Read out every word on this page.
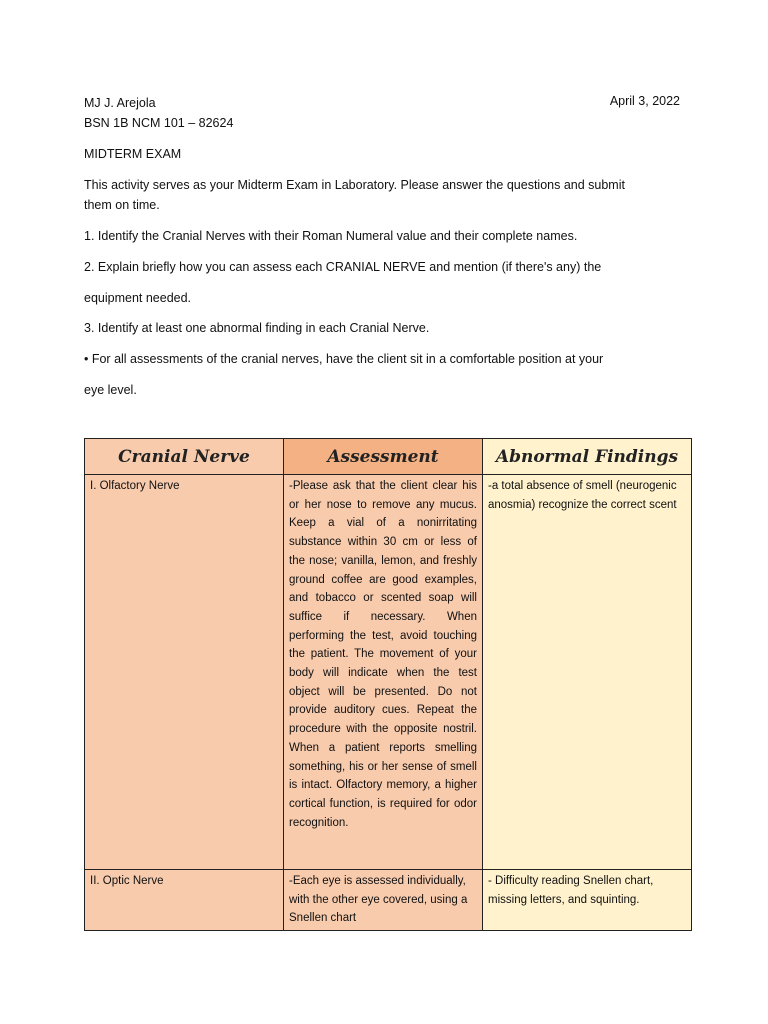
MJ J. Arejola	April 3, 2022
BSN 1B NCM 101 – 82624
MIDTERM EXAM
This activity serves as your Midterm Exam in Laboratory. Please answer the questions and submit
them on time.
1. Identify the Cranial Nerves with their Roman Numeral value and their complete names.
2. Explain briefly how you can assess each CRANIAL NERVE and mention (if there's any) the
equipment needed.
3. Identify at least one abnormal finding in each Cranial Nerve.
• For all assessments of the cranial nerves, have the client sit in a comfortable position at your
eye level.
Cranial Nerve	Assessment	Abnormal Findings
I. Olfactory Nerve	-Please ask that the client clear his or her nose to remove any mucus. Keep a vial of a nonirritating substance within 30 cm or less of the nose; vanilla, lemon, and freshly ground coffee are good examples, and tobacco or scented soap will suffice if necessary. When performing the test, avoid touching the patient. The movement of your body will indicate when the test object will be presented. Do not provide auditory cues. Repeat the procedure with the opposite nostril. When a patient reports smelling something, his or her sense of smell is intact. Olfactory memory, a higher cortical function, is required for odor recognition.	-a total absence of smell (neurogenic anosmia) recognize the correct scent
II. Optic Nerve	-Each eye is assessed individually, with the other eye covered, using a Snellen chart	- Difficulty reading Snellen chart, missing letters, and squinting.
